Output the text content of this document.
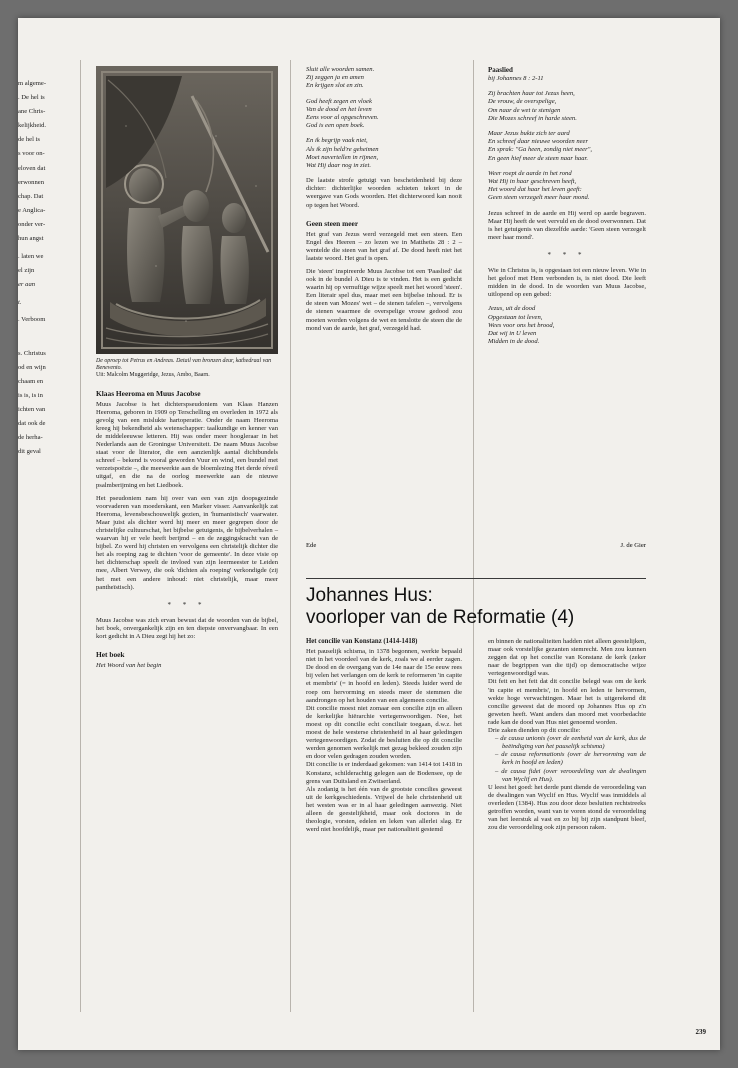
m algeme-

. De hel is

ane Chris-

kelijkheid.

de hel is

s voor on-

eloven dat

erwonnen

chap. Dat

e Anglica-

onder ver-

hun angst

. laten we

el zijn

er aan

t.

. Verboom

s. Christus

od en wijn

chaam en

is is, is in

ichten van

dat ook de

de herha-

dit geval

De oproep tot Petrus en Andreas. Detail van bronzen deur, kathedraal van Benevento.
Uit: Malcolm Muggeridge, Jezus, Ambo, Baarn.
Klaas Heeroma en Muus Jacobse

Muus Jacobse is het dichterspseudoniem van Klaas Hanzen Heeroma, geboren in 1909 op Terschelling en overleden in 1972 als gevolg van een mislukte hartoperatie. Onder de naam Heeroma kreeg hij bekendheid als wetenschapper: taalkundige en kenner van de middeleeuwse letteren. Hij was onder meer hoogleraar in het Nederlands aan de Groningse Universiteit. De naam Muus Jacobse staat voor de literator, die een aanzienlijk aantal dichtbundels schreef – bekend is vooral geworden Vuur en wind, een bundel met verzetspoëzie –, die meewerkte aan de bloemlezing Het derde réveil uitgaf, en die na de oorlog meewerkte aan de nieuwe psalmberijming en het Liedboek.

Het pseudoniem nam hij over van een van zijn doopsgezinde voorvaderen van moederskant, een Marker visser. Aanvankelijk zat Heeroma, levensbeschouwelijk gezien, in 'humanistisch' vaarwater. Maar juist als dichter werd hij meer en meer gegrepen door de christelijke cultuurschat, het bijbelse getuigenis, de bijbelverhalen – waarvan hij er vele heeft berijmd – en de zeggingskracht van de bijbel. Zo werd hij christen en vervolgens een christelijk dichter die het als roeping zag te dichten 'voor de gemeente'. In deze visie op het dichterschap speelt de invloed van zijn leermeester te Leiden mee, Albert Verwey, die ook 'dichten als roeping' verkondigde (zij het met een andere inhoud: niet christelijk, maar meer pantheïstisch).

* * *

Muus Jacobse was zich ervan bewust dat de woorden van de bijbel, het boek, onvergankelijk zijn en ten diepste onvervangbaar. In een kort gedicht in A Dieu zegt hij het zo:

Het boek

Het Woord van het begin

Sluit alle woorden samen.
Zij zeggen ja en amen
En krijgen slot en zin.
God heeft zegen en vloek
Van de dood en het leven
Eens voor al opgeschreven.
God is een open boek.
En ik begrijp vaak niet,
Als ik zijn held're geheimen
Moet navertellen in rijmen,
Wat Hij daar nog in ziet.

De laatste strofe getuigt van bescheidenheid bij deze dichter: dichterlijke woorden schieten tekort in de weergave van Gods woorden. Het dichterwoord kan nooit op tegen het Woord.

Geen steen meer

Het graf van Jezus werd verzegeld met een steen. Een Engel des Heeren – zo lezen we in Mattheüs 28 : 2 – wentelde die steen van het graf af. De dood heeft niet het laatste woord. Het graf is open.

Die 'steen' inspireerde Muus Jacobse tot een 'Paaslied' dat ook in de bundel A Dieu is te vinden. Het is een gedicht waarin hij op vernuftige wijze speelt met het woord 'steen'. Een literair spel dus, maar met een bijbelse inhoud. Er is de steen van Mozes' wet – de stenen tafelen –, vervolgens de stenen waarmee de overspelige vrouw gedood zou moeten worden volgens de wet en tenslotte de steen die de mond van de aarde, het graf, verzegeld had.

Paaslied
bij Johannes 8 : 2-11
Zij brachten haar tot Jezus heen,
De vrouw, de overspelige,
Om naar de wet te stenigen
Die Mozes schreef in harde steen.
Maar Jezus bukte zich ter aard
En schreef daar nieuwe woorden neer
En sprak: "Ga heen, zondig niet meer",
En geen hief meer de steen naar haar.
Weer roept de aarde in het rond
Wat Hij in haar geschreven heeft,
Het woord dat haar het leven geeft:
Geen steen verzegelt meer haar mond.

Jezus schreef in de aarde en Hij werd op aarde begraven. Maar Hij heeft de wet vervuld en de dood overwonnen. Dat is het getuigenis van diezelfde aarde: 'Geen steen verzegelt meer haar mond'.

* * *

Wie in Christus is, is opgestaan tot een nieuw leven. Wie in het geloof met Hem verbonden is, is niet dood. Die leeft midden in de dood. In de woorden van Muus Jacobse, uitlopend op een gebed:

Jezus, uit de dood
Opgestaan tot leven,
Wees voor ons het brood,
Dat wij in U leven
Midden in de dood.
Ede	J. de Gier
Johannes Hus:
voorloper van de Reformatie (4)
Het concilie van Konstanz (1414-1418)

Het pauselijk schisma, in 1378 begonnen, werkte bepaald niet in het voordeel van de kerk, zoals we al eerder zagen. De dood en de overgang van de 14e naar de 15e eeuw rees bij velen het verlangen om de kerk te reformeren 'in capite et membris' (= in hoofd en leden). Steeds luider werd de roep om hervorming en steeds meer de stemmen die aandrongen op het houden van een algemeen concilie.

Dit concilie moest niet zomaar een concilie zijn en alleen de kerkelijke hiërarchie vertegenwoordigen. Nee, het moest op dit concilie echt conciliair toegaan, d.w.z. het moest de hele westerse christenheid in al haar geledingen vertegenwoordigen. Zodat de besluiten die op dit concilie werden genomen werkelijk met gezag bekleed zouden zijn en door velen gedragen zouden worden.

Dit concilie is er inderdaad gekomen: van 1414 tot 1418 in Konstanz, schilderachtig gelegen aan de Bodensee, op de grens van Duitsland en Zwitserland.

Als zodanig is het één van de grootste concilies geweest uit de kerkgeschiedenis. Vrijwel de hele christenheid uit het westen was er in al haar geledingen aanwezig. Niet alleen de geestelijkheid, maar ook doctores in de theologie, vorsten, edelen en leken van allerlei slag. Er werd niet hoofdelijk, maar per nationaliteit gestemd

en binnen de nationaliteiten hadden niet alleen geestelijken, maar ook vorstelijke gezanten stemrecht. Men zou kunnen zeggen dat op het concilie van Konstanz de kerk (zeker naar de begrippen van die tijd) op democratische wijze vertegenwoordigd was.

Dit feit en het feit dat dit concilie belegd was om de kerk 'in capite et membris', in hoofd en leden te hervormen, wekte hoge verwachtingen. Maar het is uitgerekend dit concilie geweest dat de moord op Johannes Hus op z'n geweten heeft. Want anders dan moord met voorbedachte rade kan de dood van Hus niet genoemd worden.

Drie zaken dienden op dit concilie:

– de causa unionis (over de eenheid van de kerk, dus de beëindiging van het pauselijk schisma)
– de causa reformationis (over de hervorming van de kerk in hoofd en leden)
– de causa fidei (over veroordeling van de dwalingen van Wyclif en Hus).

U leest het goed: het derde punt diende de veroordeling van de dwalingen van Wyclif en Hus. Wyclif was inmiddels al overleden (1384). Hus zou door deze besluiten rechtstreeks getroffen worden, want van te voren stond de veroordeling van het leerstuk al vast en zo bij bij zijn standpunt bleef, zou die veroordeling ook zijn persoon raken.

239
